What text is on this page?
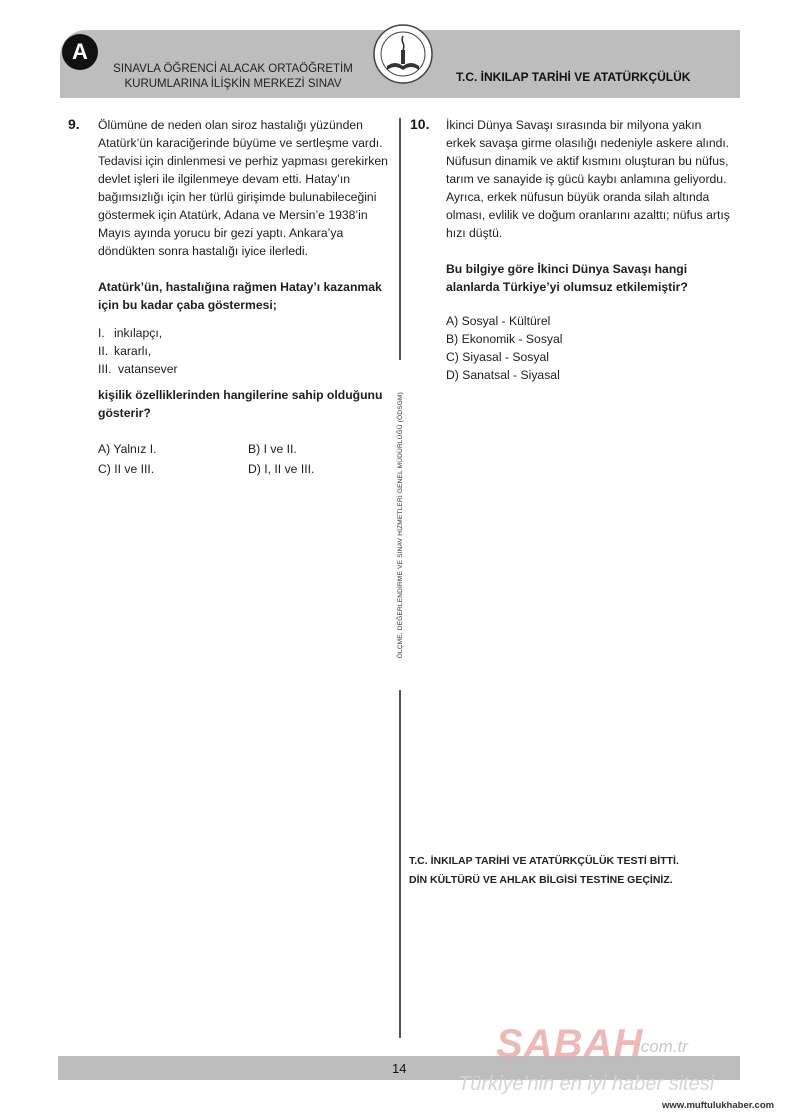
A
SINAVLA ÖĞRENCİ ALACAK ORTAÖĞRETİM
KURUMLARINA İLİŞKİN MERKEZİ SINAV	T.C. İNKILAP TARİHİ VE ATATÜRKÇÜLÜK
ÖLÇME, DEĞERLENDİRME VE SINAV HİZMETLERİ GENEL MÜDÜRLÜĞÜ (ÖDSGM)
9. Ölümüne de neden olan siroz hastalığı yüzünden Atatürk’ün karaciğerinde büyüme ve sertleşme vardı. Tedavisi için dinlenmesi ve perhiz yapması gerekirken devlet işleri ile ilgilenmeye devam etti. Hatay’ın bağımsızlığı için her türlü girişimde bulunabileceğini göstermek için Atatürk, Adana ve Mersin’e 1938’in Mayıs ayında yorucu bir gezi yaptı. Ankara’ya döndükten sonra hastalığı iyice ilerledi.

Atatürk’ün, hastalığına rağmen Hatay’ı kazanmak için bu kadar çaba göstermesi;

I. inkılapçı,
II. kararlı,
III. vatansever

kişilik özelliklerinden hangilerine sahip olduğunu gösterir?

A) Yalnız I.	B) I ve II.
C) II ve III.	D) I, II ve III.
10. İkinci Dünya Savaşı sırasında bir milyona yakın erkek savaşa girme olasılığı nedeniyle askere alındı. Nüfusun dinamik ve aktif kısmını oluşturan bu nüfus, tarım ve sanayide iş gücü kaybı anlamına geliyordu. Ayrıca, erkek nüfusun büyük oranda silah altında olması, evlilik ve doğum oranlarını azalttı; nüfus artış hızı düştü.

Bu bilgiye göre İkinci Dünya Savaşı hangi alanlarda Türkiye’yi olumsuz etkilemiştir?

A) Sosyal - Kültürel
B) Ekonomik - Sosyal
C) Siyasal - Sosyal
D) Sanatsal - Siyasal
T.C. İNKILAP TARİHİ VE ATATÜRKÇÜLÜK TESTİ BİTTİ.
DİN KÜLTÜRÜ VE AHLAK BİLGİSİ TESTİNE GEÇİNİZ.
14
SABAH
.com.tr
Türkiye'nin en iyi haber sitesi
www.muftulukhaber.com
